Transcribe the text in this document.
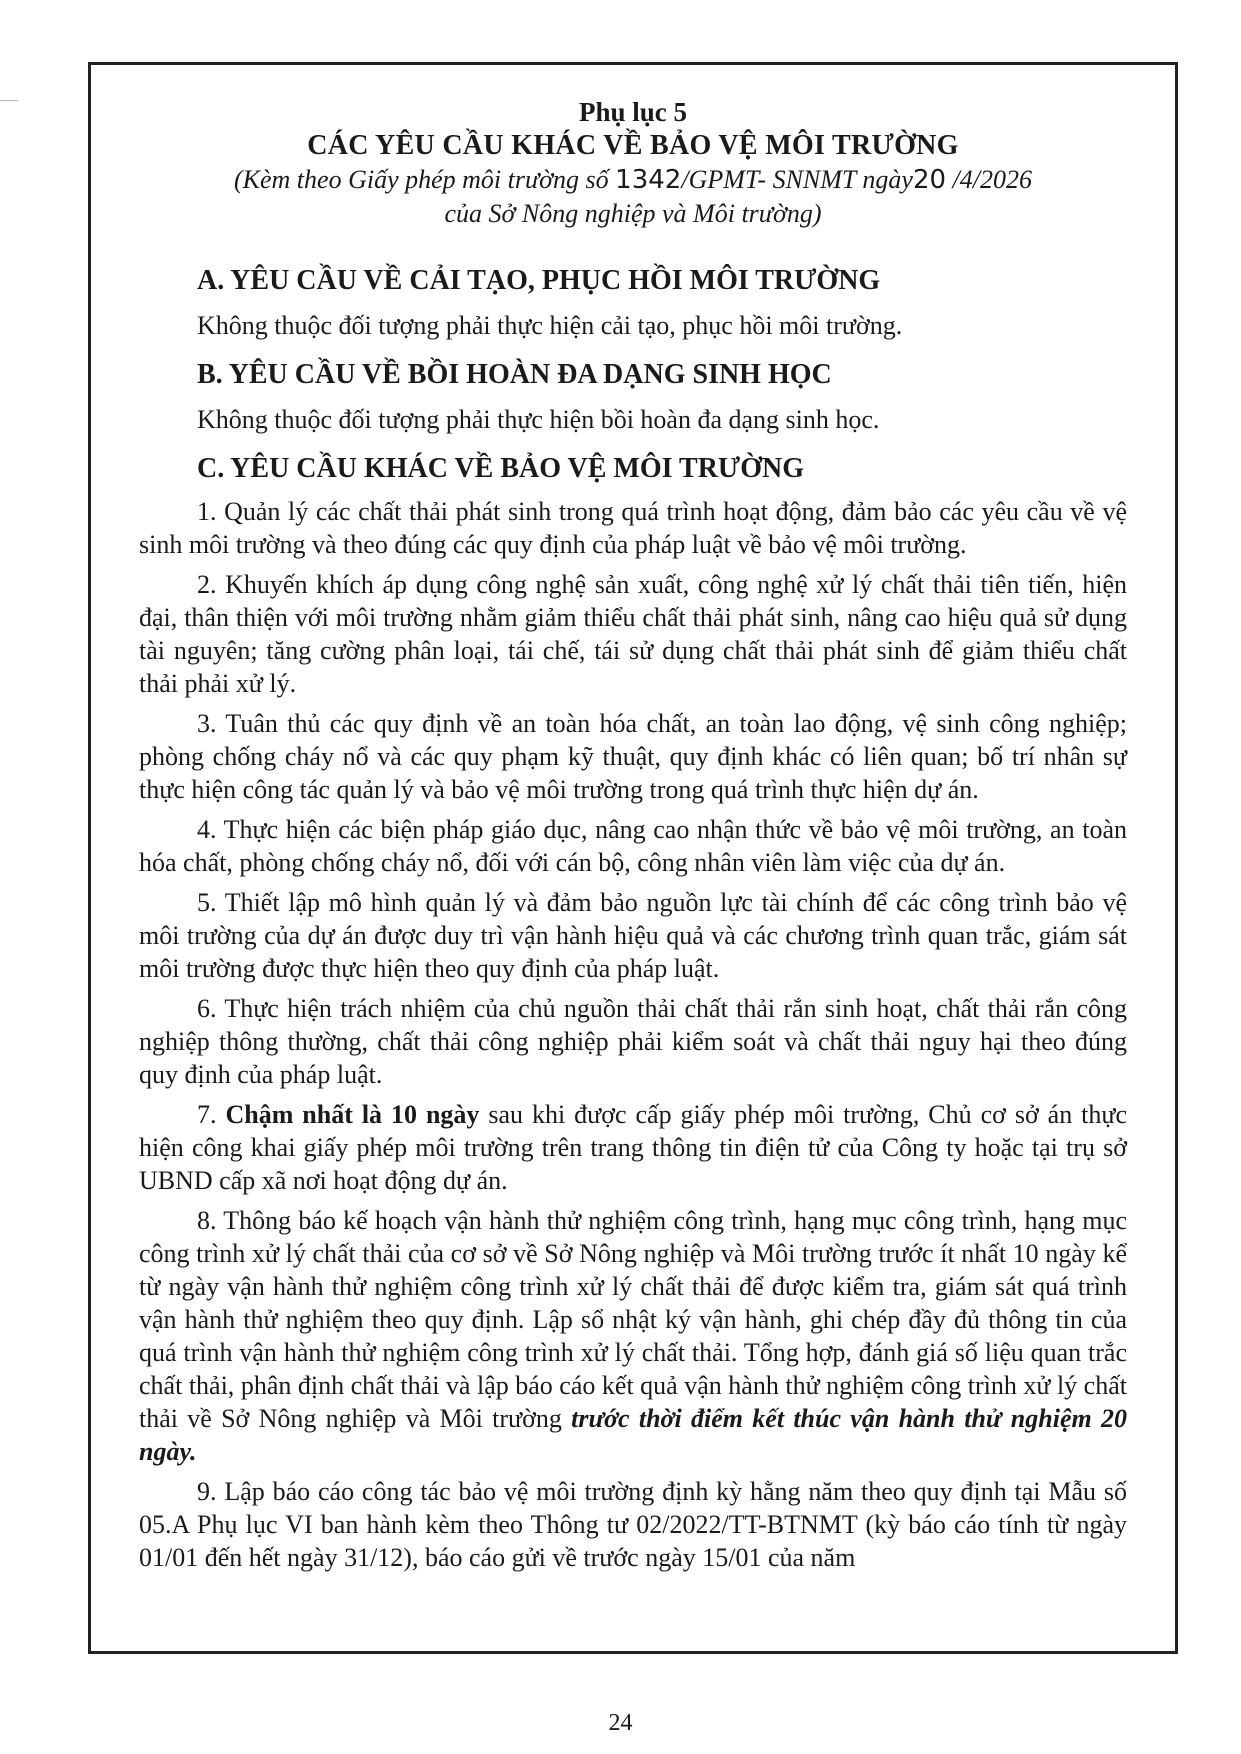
Phụ lục 5
CÁC YÊU CẦU KHÁC VỀ BẢO VỆ MÔI TRƯỜNG
(Kèm theo Giấy phép môi trường số 1342/GPMT- SNNMT ngày20 /4/2026
của Sở Nông nghiệp và Môi trường)
A. YÊU CẦU VỀ CẢI TẠO, PHỤC HỒI MÔI TRƯỜNG
Không thuộc đối tượng phải thực hiện cải tạo, phục hồi môi trường.
B. YÊU CẦU VỀ BỒI HOÀN ĐA DẠNG SINH HỌC
Không thuộc đối tượng phải thực hiện bồi hoàn đa dạng sinh học.
C. YÊU CẦU KHÁC VỀ BẢO VỆ MÔI TRƯỜNG

1. Quản lý các chất thải phát sinh trong quá trình hoạt động, đảm bảo các yêu cầu về vệ sinh môi trường và theo đúng các quy định của pháp luật về bảo vệ môi trường.

2. Khuyến khích áp dụng công nghệ sản xuất, công nghệ xử lý chất thải tiên tiến, hiện đại, thân thiện với môi trường nhằm giảm thiểu chất thải phát sinh, nâng cao hiệu quả sử dụng tài nguyên; tăng cường phân loại, tái chế, tái sử dụng chất thải phát sinh để giảm thiểu chất thải phải xử lý.

3. Tuân thủ các quy định về an toàn hóa chất, an toàn lao động, vệ sinh công nghiệp; phòng chống cháy nổ và các quy phạm kỹ thuật, quy định khác có liên quan; bố trí nhân sự thực hiện công tác quản lý và bảo vệ môi trường trong quá trình thực hiện dự án.

4. Thực hiện các biện pháp giáo dục, nâng cao nhận thức về bảo vệ môi trường, an toàn hóa chất, phòng chống cháy nổ, đối với cán bộ, công nhân viên làm việc của dự án.

5. Thiết lập mô hình quản lý và đảm bảo nguồn lực tài chính để các công trình bảo vệ môi trường của dự án được duy trì vận hành hiệu quả và các chương trình quan trắc, giám sát môi trường được thực hiện theo quy định của pháp luật.

6. Thực hiện trách nhiệm của chủ nguồn thải chất thải rắn sinh hoạt, chất thải rắn công nghiệp thông thường, chất thải công nghiệp phải kiểm soát và chất thải nguy hại theo đúng quy định của pháp luật.

7. Chậm nhất là 10 ngày sau khi được cấp giấy phép môi trường, Chủ cơ sở án thực hiện công khai giấy phép môi trường trên trang thông tin điện tử của Công ty hoặc tại trụ sở UBND cấp xã nơi hoạt động dự án.

8. Thông báo kế hoạch vận hành thử nghiệm công trình, hạng mục công trình, hạng mục công trình xử lý chất thải của cơ sở về Sở Nông nghiệp và Môi trường trước ít nhất 10 ngày kể từ ngày vận hành thử nghiệm công trình xử lý chất thải để được kiểm tra, giám sát quá trình vận hành thử nghiệm theo quy định. Lập sổ nhật ký vận hành, ghi chép đầy đủ thông tin của quá trình vận hành thử nghiệm công trình xử lý chất thải. Tổng hợp, đánh giá số liệu quan trắc chất thải, phân định chất thải và lập báo cáo kết quả vận hành thử nghiệm công trình xử lý chất thải về Sở Nông nghiệp và Môi trường trước thời điểm kết thúc vận hành thử nghiệm 20 ngày.

9. Lập báo cáo công tác bảo vệ môi trường định kỳ hằng năm theo quy định tại Mẫu số 05.A Phụ lục VI ban hành kèm theo Thông tư 02/2022/TT-BTNMT (kỳ báo cáo tính từ ngày 01/01 đến hết ngày 31/12), báo cáo gửi về trước ngày 15/01 của năm

24
